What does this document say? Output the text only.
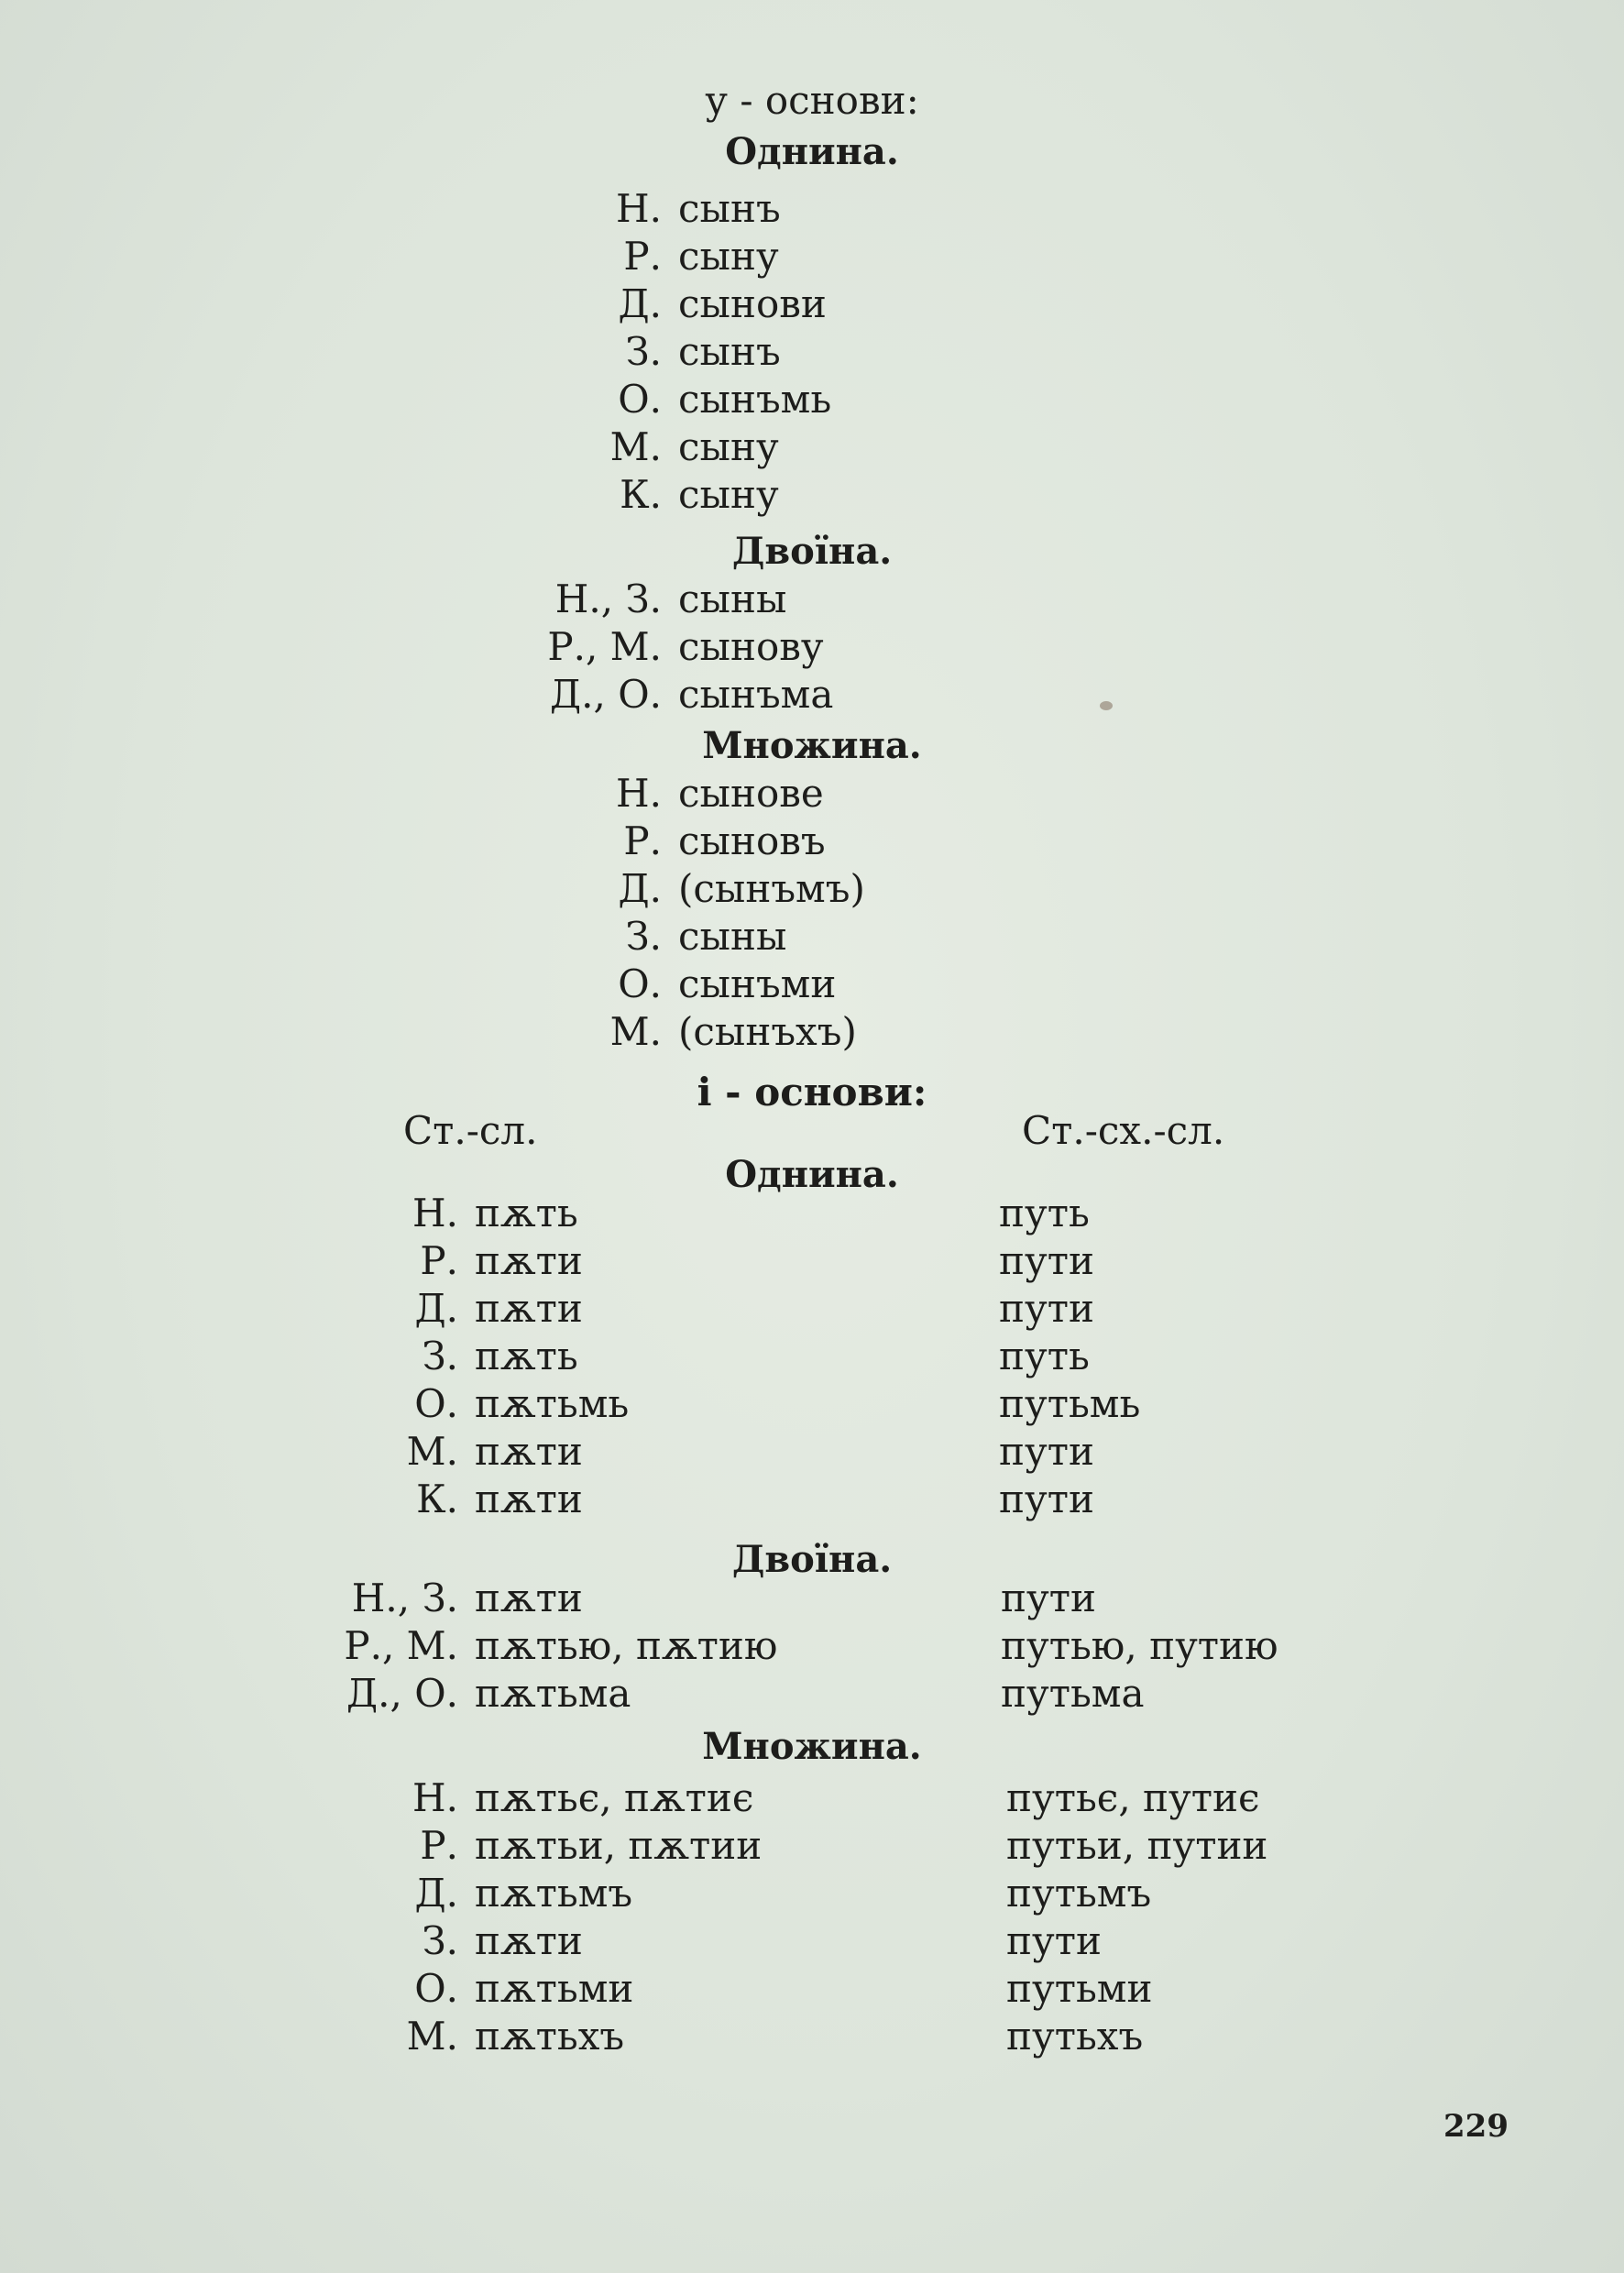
у - основи:
Однина.
Н. сынъ
Р. сыну
Д. сынови
З. сынъ
О. сынъмь
М. сыну
К. сыну
Двоїна.
Н., З. сыны
Р., М. сынову
Д., О. сынъма
Множина.
Н. сынове
Р. сыновъ
Д. (сынъмъ)
З. сыны
О. сынъми
М. (сынъхъ)
і - основи:
Ст.-сл.	Ст.-сх.-сл.
Однина.
Н. пѫть	путь
Р. пѫти	пути
Д. пѫти	пути
З. пѫть	путь
О. пѫтьмь	путьмь
М. пѫти	пути
К. пѫти	пути
Двоїна.
Н., З. пѫти	пути
Р., М. пѫтью, пѫтию	путью, путию
Д., О. пѫтьма	путьма
Множина.
Н. пѫтьє, пѫтиє	путьє, путиє
Р. пѫтьи, пѫтии	путьи, путии
Д. пѫтьмъ	путьмъ
З. пѫти	пути
О. пѫтьми	путьми
М. пѫтьхъ	путьхъ
229
